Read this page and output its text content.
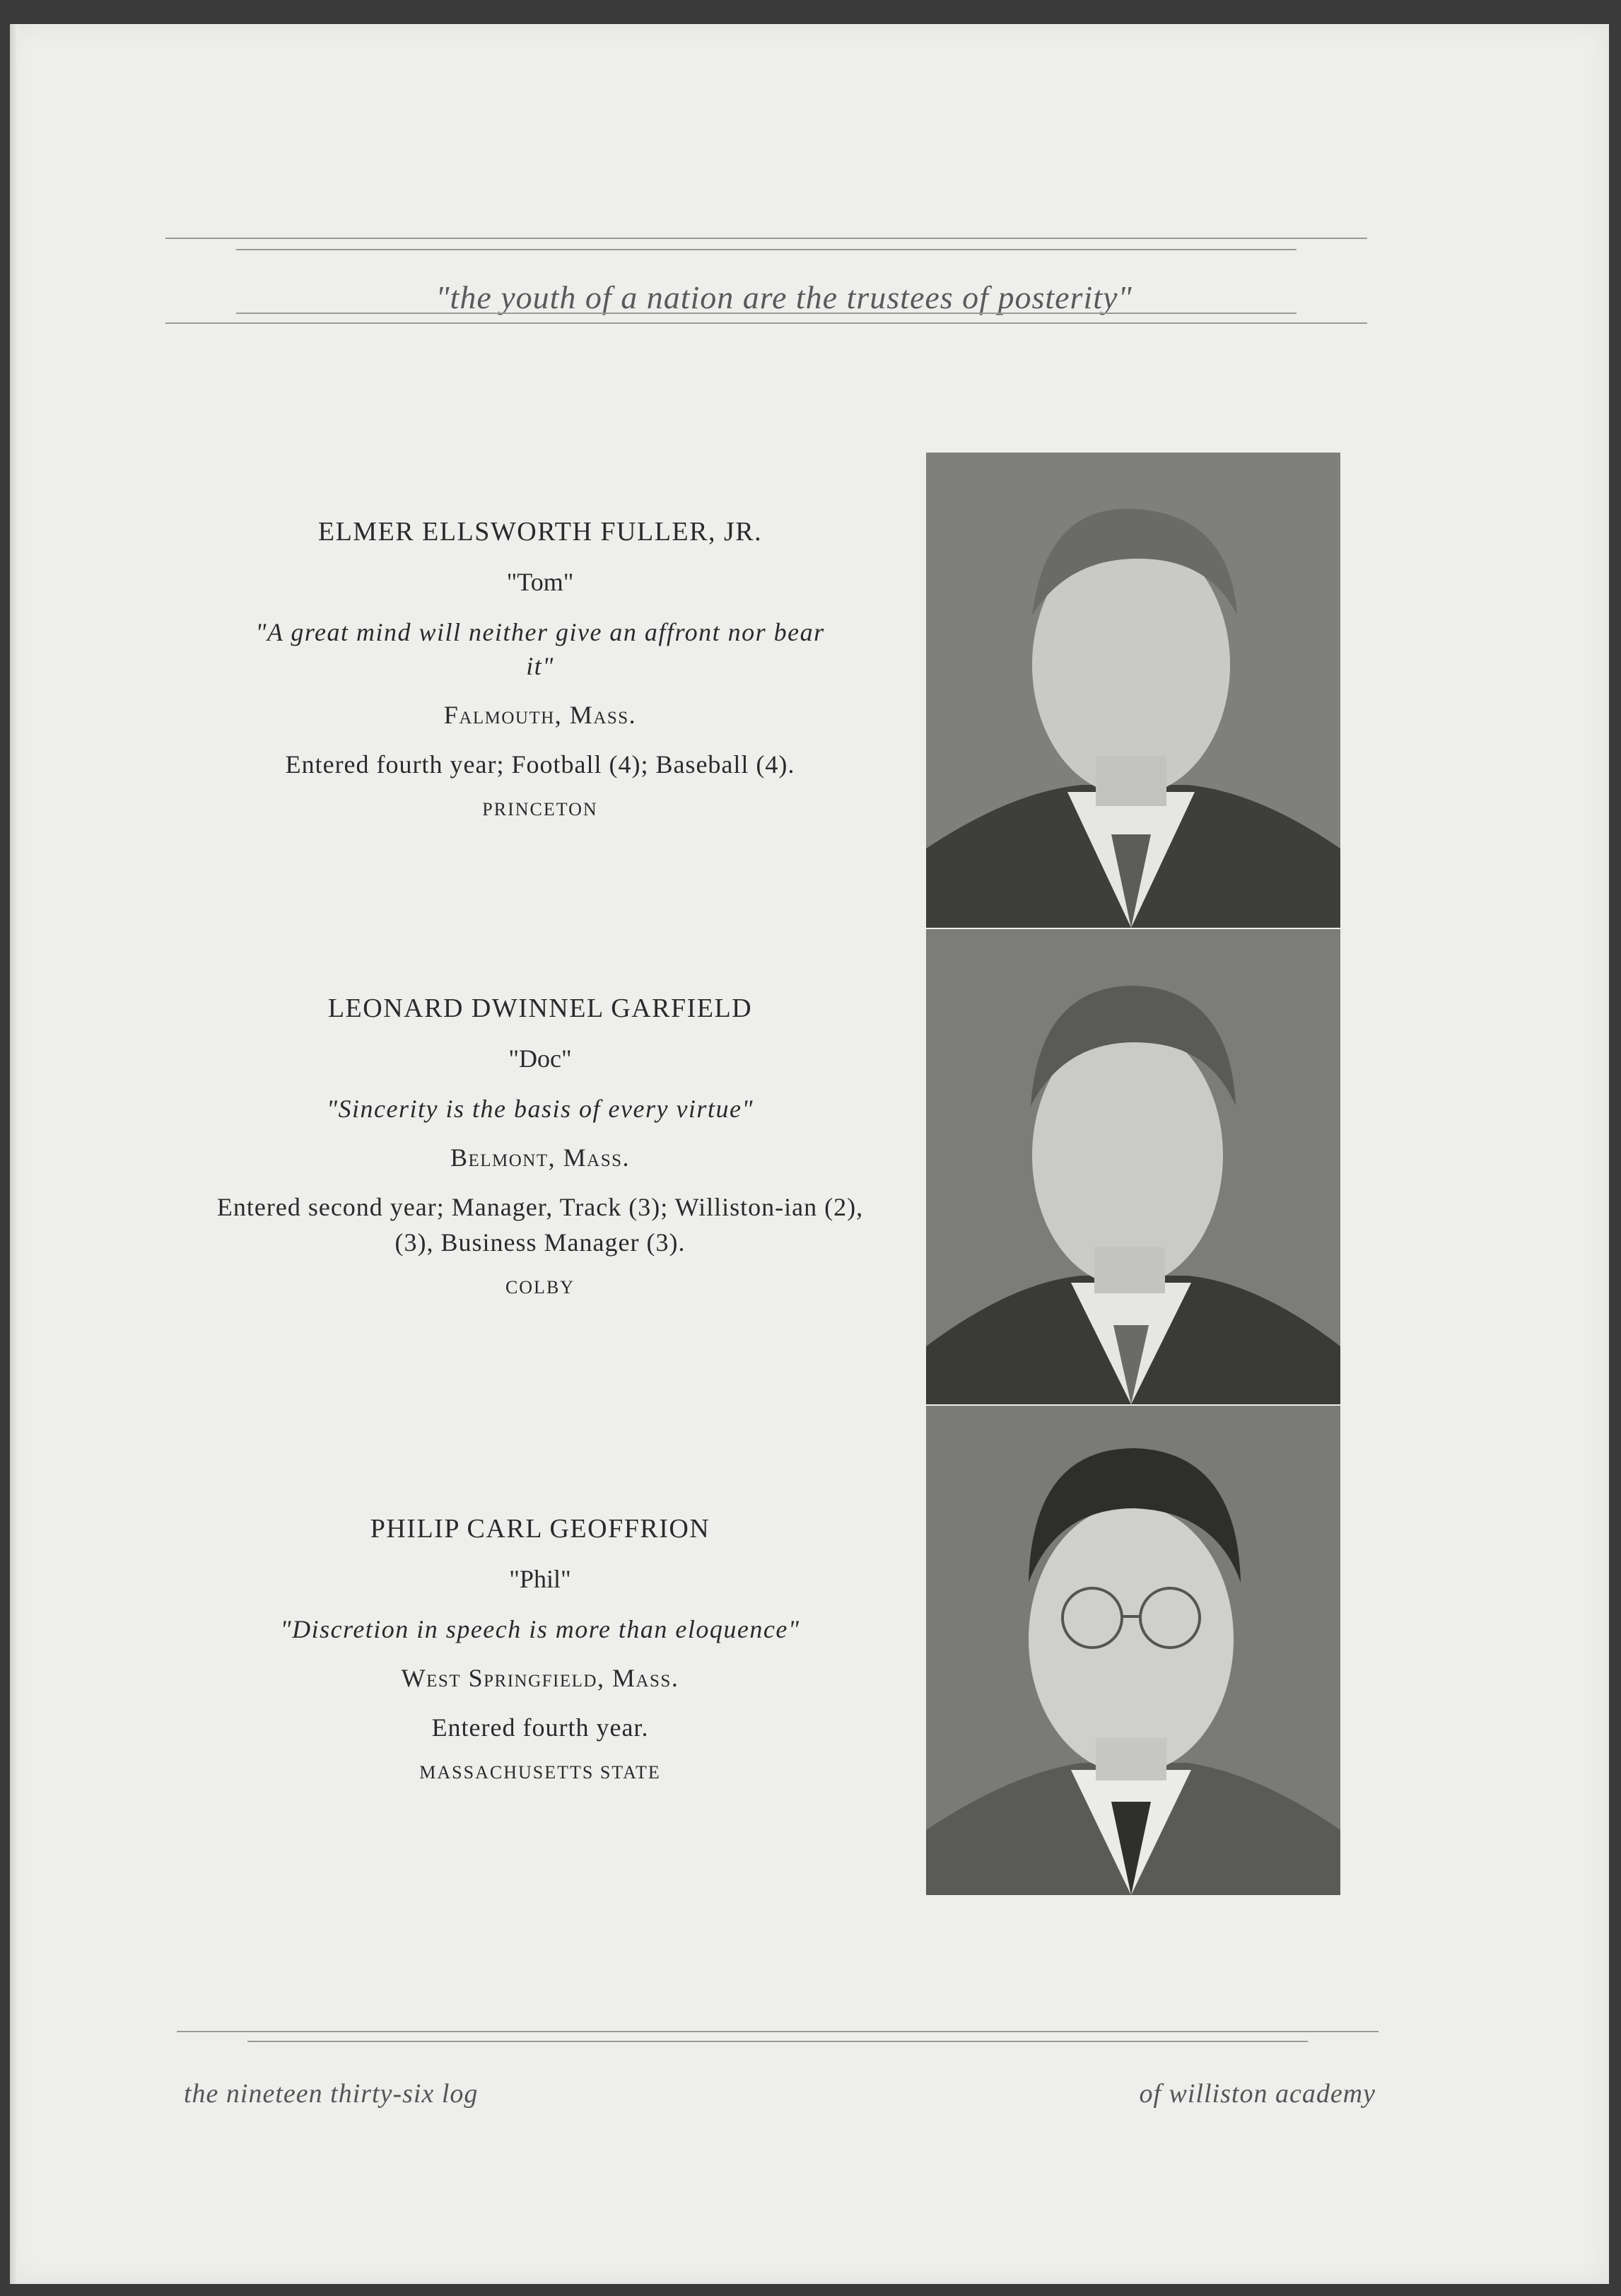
"the youth of a nation are the trustees of posterity"
ELMER ELLSWORTH FULLER, JR.
"Tom"
"A great mind will neither give an affront nor bear it"
Falmouth, Mass.
Entered fourth year; Football (4); Baseball (4).
PRINCETON
LEONARD DWINNEL GARFIELD
"Doc"
"Sincerity is the basis of every virtue"
Belmont, Mass.
Entered second year; Manager, Track (3); Williston-ian (2), (3), Business Manager (3).
COLBY
PHILIP CARL GEOFFRION
"Phil"
"Discretion in speech is more than eloquence"
West Springfield, Mass.
Entered fourth year.
MASSACHUSETTS STATE
the nineteen thirty-six log	of williston academy
